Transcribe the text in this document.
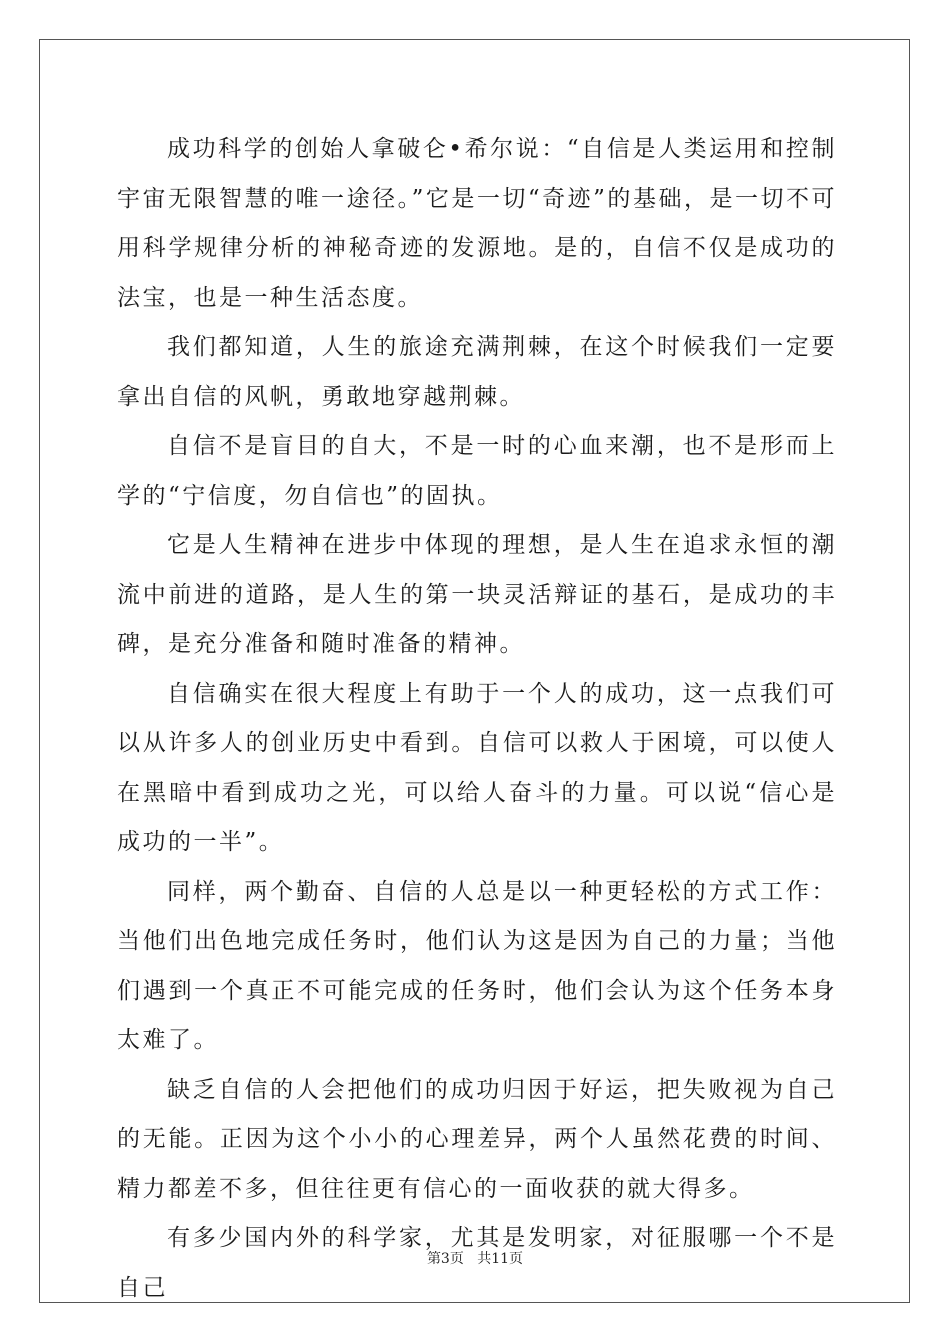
成功科学的创始人拿破仑•希尔说：“自信是人类运用和控制宇宙无限智慧的唯一途径。”它是一切“奇迹”的基础，是一切不可用科学规律分析的神秘奇迹的发源地。是的，自信不仅是成功的法宝，也是一种生活态度。

我们都知道，人生的旅途充满荆棘，在这个时候我们一定要拿出自信的风帆，勇敢地穿越荆棘。

自信不是盲目的自大，不是一时的心血来潮，也不是形而上学的“宁信度，勿自信也”的固执。

它是人生精神在进步中体现的理想，是人生在追求永恒的潮流中前进的道路，是人生的第一块灵活辩证的基石，是成功的丰碑，是充分准备和随时准备的精神。

自信确实在很大程度上有助于一个人的成功，这一点我们可以从许多人的创业历史中看到。自信可以救人于困境，可以使人在黑暗中看到成功之光，可以给人奋斗的力量。可以说“信心是成功的一半”。

同样，两个勤奋、自信的人总是以一种更轻松的方式工作：当他们出色地完成任务时，他们认为这是因为自己的力量；当他们遇到一个真正不可能完成的任务时，他们会认为这个任务本身太难了。

缺乏自信的人会把他们的成功归因于好运，把失败视为自己的无能。正因为这个小小的心理差异，两个人虽然花费的时间、精力都差不多，但往往更有信心的一面收获的就大得多。

有多少国内外的科学家，尤其是发明家，对征服哪一个不是自己

第3页 共11页
